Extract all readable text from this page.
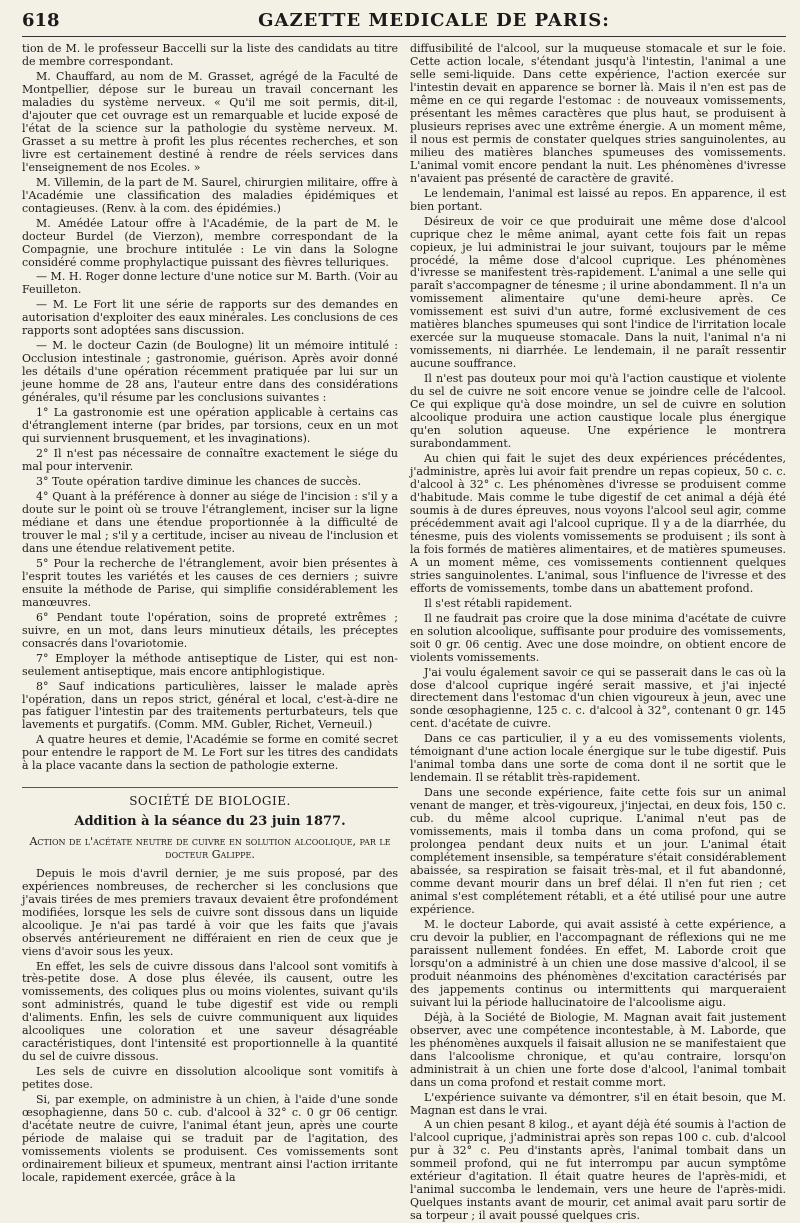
618	GAZETTE MEDICALE DE PARIS:

tion de M. le professeur Baccelli sur la liste des candidats au titre de membre correspondant.

M. Chauffard, au nom de M. Grasset, agrégé de la Faculté de Montpellier, dépose sur le bureau un travail concernant les maladies du système nerveux. « Qu'il me soit permis, dit-il, d'ajouter que cet ouvrage est un remarquable et lucide exposé de l'état de la science sur la pathologie du système nerveux. M. Grasset a su mettre à profit les plus récentes recherches, et son livre est certainement destiné à rendre de réels services dans l'enseignement de nos Ecoles. »

M. Villemin, de la part de M. Saurel, chirurgien militaire, offre à l'Académie une classification des maladies épidémiques et contagieuses. (Renv. à la com. des épidémies.)

M. Amédée Latour offre à l'Académie, de la part de M. le docteur Burdel (de Vierzon), membre correspondant de la Compagnie, une brochure intitulée : Le vin dans la Sologne considéré comme prophylactique puissant des fièvres telluriques.

— M. H. Roger donne lecture d'une notice sur M. Barth. (Voir au Feuilleton.

— M. Le Fort lit une série de rapports sur des demandes en autorisation d'exploiter des eaux minérales. Les conclusions de ces rapports sont adoptées sans discussion.

— M. le docteur Cazin (de Boulogne) lit un mémoire intitulé : Occlusion intestinale ; gastronomie, guérison. Après avoir donné les détails d'une opération récemment pratiquée par lui sur un jeune homme de 28 ans, l'auteur entre dans des considérations générales, qu'il résume par les conclusions suivantes :

1° La gastronomie est une opération applicable à certains cas d'étranglement interne (par brides, par torsions, ceux en un mot qui surviennent brusquement, et les invaginations).

2° Il n'est pas nécessaire de connaître exactement le siége du mal pour intervenir.

3° Toute opération tardive diminue les chances de succès.

4° Quant à la préférence à donner au siége de l'incision : s'il y a doute sur le point où se trouve l'étranglement, inciser sur la ligne médiane et dans une étendue proportionnée à la difficulté de trouver le mal ; s'il y a certitude, inciser au niveau de l'inclusion et dans une étendue relativement petite.

5° Pour la recherche de l'étranglement, avoir bien présentes à l'esprit toutes les variétés et les causes de ces derniers ; suivre ensuite la méthode de Parise, qui simplifie considérablement les manœuvres.

6° Pendant toute l'opération, soins de propreté extrêmes ; suivre, en un mot, dans leurs minutieux détails, les préceptes consacrés dans l'ovariotomie.

7° Employer la méthode antiseptique de Lister, qui est non-seulement antiseptique, mais encore antiphlogistique.

8° Sauf indications particulières, laisser le malade après l'opération, dans un repos strict, général et local, c'est-à-dire ne pas fatiguer l'intestin par des traitements perturbateurs, tels que lavements et purgatifs. (Comm. MM. Gubler, Richet, Verneuil.)

A quatre heures et demie, l'Académie se forme en comité secret pour entendre le rapport de M. Le Fort sur les titres des candidats à la place vacante dans la section de pathologie externe.

SOCIÉTÉ DE BIOLOGIE.
Addition à la séance du 23 juin 1877.
Action de l'acétate neutre de cuivre en solution alcoolique, par le docteur Galippe.

Depuis le mois d'avril dernier, je me suis proposé, par des expériences nombreuses, de rechercher si les conclusions que j'avais tirées de mes premiers travaux devaient être profondément modifiées, lorsque les sels de cuivre sont dissous dans un liquide alcoolique. Je n'ai pas tardé à voir que les faits que j'avais observés antérieurement ne différaient en rien de ceux que je viens d'avoir sous les yeux.

En effet, les sels de cuivre dissous dans l'alcool sont vomitifs à très-petite dose. A dose plus élevée, ils causent, outre les vomissements, des coliques plus ou moins violentes, suivant qu'ils sont administrés, quand le tube digestif est vide ou rempli d'aliments. Enfin, les sels de cuivre communiquent aux liquides alcooliques une coloration et une saveur désagréable caractéristiques, dont l'intensité est proportionnelle à la quantité du sel de cuivre dissous.

Les sels de cuivre en dissolution alcoolique sont vomitifs à petites dose.

Si, par exemple, on administre à un chien, à l'aide d'une sonde œsophagienne, dans 50 c. cub. d'alcool à 32° c. 0 gr 06 centigr. d'acétate neutre de cuivre, l'animal étant jeun, après une courte période de malaise qui se traduit par de l'agitation, des vomissements violents se produisent. Ces vomissements sont ordinairement bilieux et spumeux, mentrant ainsi l'action irritante locale, rapidement exercée, grâce à la

diffusibilité de l'alcool, sur la muqueuse stomacale et sur le foie. Cette action locale, s'étendant jusqu'à l'intestin, l'animal a une selle semi-liquide. Dans cette expérience, l'action exercée sur l'intestin devait en apparence se borner là. Mais il n'en est pas de même en ce qui regarde l'estomac : de nouveaux vomissements, présentant les mêmes caractères que plus haut, se produisent à plusieurs reprises avec une extrême énergie. A un moment même, il nous est permis de constater quelques stries sanguinolentes, au milieu des matières blanches spumeuses des vomissements. L'animal vomit encore pendant la nuit. Les phénomènes d'ivresse n'avaient pas présenté de caractère de gravité.

Le lendemain, l'animal est laissé au repos. En apparence, il est bien portant.

Désireux de voir ce que produirait une même dose d'alcool cuprique chez le même animal, ayant cette fois fait un repas copieux, je lui administrai le jour suivant, toujours par le même procédé, la même dose d'alcool cuprique. Les phénomènes d'ivresse se manifestent très-rapidement. L'animal a une selle qui paraît s'accompagner de ténesme ; il urine abondamment. Il n'a un vomissement alimentaire qu'une demi-heure après. Ce vomissement est suivi d'un autre, formé exclusivement de ces matières blanches spumeuses qui sont l'indice de l'irritation locale exercée sur la muqueuse stomacale. Dans la nuit, l'animal n'a ni vomissements, ni diarrhée. Le lendemain, il ne paraît ressentir aucune souffrance.

Il n'est pas douteux pour moi qu'à l'action caustique et violente du sel de cuivre ne soit encore venue se joindre celle de l'alcool. Ce qui explique qu'à dose moindre, un sel de cuivre en solution alcoolique produira une action caustique locale plus énergique qu'en solution aqueuse. Une expérience le montrera surabondamment.

Au chien qui fait le sujet des deux expériences précédentes, j'administre, après lui avoir fait prendre un repas copieux, 50 c. c. d'alcool à 32° c. Les phénomènes d'ivresse se produisent comme d'habitude. Mais comme le tube digestif de cet animal a déjà été soumis à de dures épreuves, nous voyons l'alcool seul agir, comme précédemment avait agi l'alcool cuprique. Il y a de la diarrhée, du ténesme, puis des violents vomissements se produisent ; ils sont à la fois formés de matières alimentaires, et de matières spumeuses. A un moment même, ces vomissements contiennent quelques stries sanguinolentes. L'animal, sous l'influence de l'ivresse et des efforts de vomissements, tombe dans un abattement profond.

Il s'est rétabli rapidement.

Il ne faudrait pas croire que la dose minima d'acétate de cuivre en solution alcoolique, suffisante pour produire des vomissements, soit 0 gr. 06 centig. Avec une dose moindre, on obtient encore de violents vomissements.

J'ai voulu également savoir ce qui se passerait dans le cas où la dose d'alcool cuprique ingéré serait massive, et j'ai injecté directement dans l'estomac d'un chien vigoureux à jeun, avec une sonde œsophagienne, 125 c. c. d'alcool à 32°, contenant 0 gr. 145 cent. d'acétate de cuivre.

Dans ce cas particulier, il y a eu des vomissements violents, témoignant d'une action locale énergique sur le tube digestif. Puis l'animal tomba dans une sorte de coma dont il ne sortit que le lendemain. Il se rétablit très-rapidement.

Dans une seconde expérience, faite cette fois sur un animal venant de manger, et très-vigoureux, j'injectai, en deux fois, 150 c. cub. du même alcool cuprique. L'animal n'eut pas de vomissements, mais il tomba dans un coma profond, qui se prolongea pendant deux nuits et un jour. L'animal était complétement insensible, sa température s'était considérablement abaissée, sa respiration se faisait très-mal, et il fut abandonné, comme devant mourir dans un bref délai. Il n'en fut rien ; cet animal s'est complétement rétabli, et a été utilisé pour une autre expérience.

M. le docteur Laborde, qui avait assisté à cette expérience, a cru devoir la publier, en l'accompagnant de réflexions qui ne me paraissent nullement fondées. En effet, M. Laborde croit que lorsqu'on a administré à un chien une dose massive d'alcool, il se produit néanmoins des phénomènes d'excitation caractérisés par des jappements continus ou intermittents qui marqueraient suivant lui la période hallucinatoire de l'alcoolisme aigu.

Déjà, à la Société de Biologie, M. Magnan avait fait justement observer, avec une compétence incontestable, à M. Laborde, que les phénomènes auxquels il faisait allusion ne se manifestaient que dans l'alcoolisme chronique, et qu'au contraire, lorsqu'on administrait à un chien une forte dose d'alcool, l'animal tombait dans un coma profond et restait comme mort.

L'expérience suivante va démontrer, s'il en était besoin, que M. Magnan est dans le vrai.

A un chien pesant 8 kilog., et ayant déjà été soumis à l'action de l'alcool cuprique, j'administrai après son repas 100 c. cub. d'alcool pur à 32° c. Peu d'instants après, l'animal tombait dans un sommeil profond, qui ne fut interrompu par aucun symptôme extérieur d'agitation. Il était quatre heures de l'après-midi, et l'animal succomba le lendemain, vers une heure de l'après-midi. Quelques instants avant de mourir, cet animal avait paru sortir de sa torpeur ; il avait poussé quelques cris.
